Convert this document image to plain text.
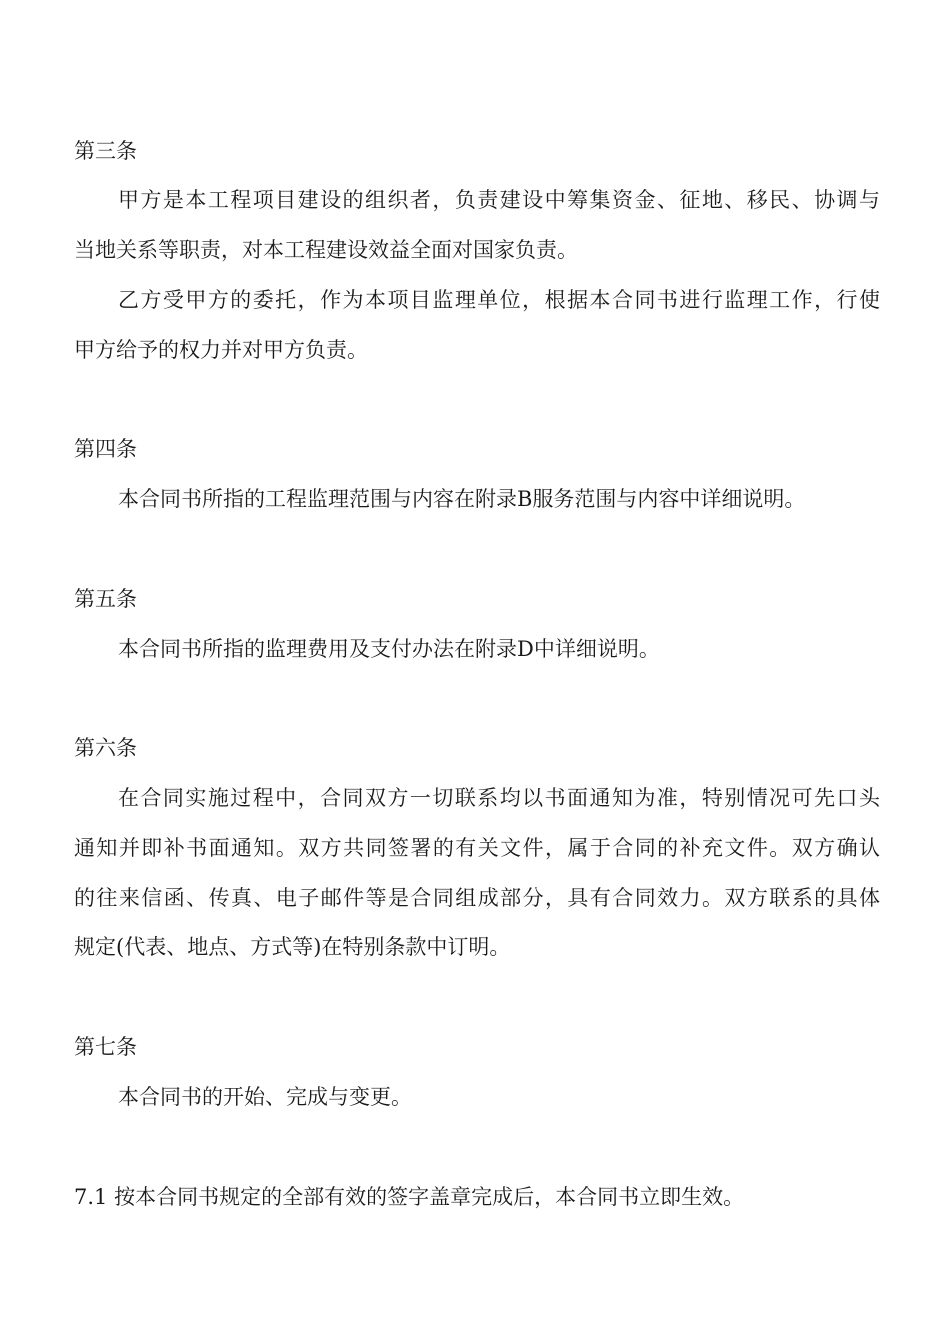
第三条

甲方是本工程项目建设的组织者，负责建设中筹集资金、征地、移民、协调与

当地关系等职责，对本工程建设效益全面对国家负责。

乙方受甲方的委托，作为本项目监理单位，根据本合同书进行监理工作，行使

甲方给予的权力并对甲方负责。

第四条

本合同书所指的工程监理范围与内容在附录B服务范围与内容中详细说明。

第五条

本合同书所指的监理费用及支付办法在附录D中详细说明。

第六条

在合同实施过程中，合同双方一切联系均以书面通知为准，特别情况可先口头

通知并即补书面通知。双方共同签署的有关文件，属于合同的补充文件。双方确认

的往来信函、传真、电子邮件等是合同组成部分，具有合同效力。双方联系的具体

规定(代表、地点、方式等)在特别条款中订明。

第七条

本合同书的开始、完成与变更。

7.1 按本合同书规定的全部有效的签字盖章完成后，本合同书立即生效。
